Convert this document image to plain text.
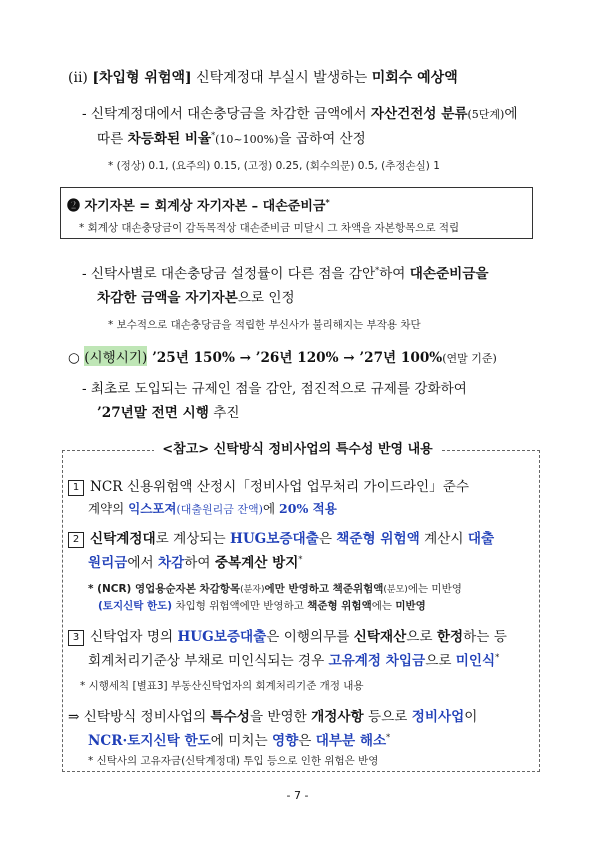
(ii) [차입형 위험액] 신탁계정대 부실시 발생하는 미회수 예상액
- 신탁계정대에서 대손충당금을 차감한 금액에서 자산건전성 분류(5단계)에
따른 차등화된 비율*(10~100%)을 곱하여 산정
* (정상) 0.1, (요주의) 0.15, (고정) 0.25, (회수의문) 0.5, (추정손실) 1
❷ 자기자본 = 회계상 자기자본 – 대손준비금*
* 회계상 대손충당금이 감독목적상 대손준비금 미달시 그 차액을 자본항목으로 적립
- 신탁사별로 대손충당금 설정률이 다른 점을 감안*하여 대손준비금을
차감한 금액을 자기자본으로 인정
* 보수적으로 대손충당금을 적립한 부신사가 불리해지는 부작용 차단
○ (시행시기) ’25년 150% → ’26년 120% → ’27년 100%(연말 기준)
- 최초로 도입되는 규제인 점을 감안, 점진적으로 규제를 강화하여
’27년말 전면 시행 추진
<참고> 신탁방식 정비사업의 특수성 반영 내용
1 NCR 신용위험액 산정시「정비사업 업무처리 가이드라인」준수
계약의 익스포져(대출원리금 잔액)에 20% 적용
2 신탁계정대로 계상되는 HUG보증대출은 책준형 위험액 계산시 대출
원리금에서 차감하여 중복계산 방지*
* (NCR) 영업용순자본 차감항목(분자)에만 반영하고 책준위험액(분모)에는 미반영
(토지신탁 한도) 차입형 위험액에만 반영하고 책준형 위험액에는 미반영
3 신탁업자 명의 HUG보증대출은 이행의무를 신탁재산으로 한정하는 등
회계처리기준상 부채로 미인식되는 경우 고유계정 차입금으로 미인식*
* 시행세칙 [별표3] 부동산신탁업자의 회계처리기준 개정 내용
⇒ 신탁방식 정비사업의 특수성을 반영한 개정사항 등으로 정비사업이
NCR·토지신탁 한도에 미치는 영향은 대부분 해소*
* 신탁사의 고유자금(신탁계정대) 투입 등으로 인한 위험은 반영
- 7 -
